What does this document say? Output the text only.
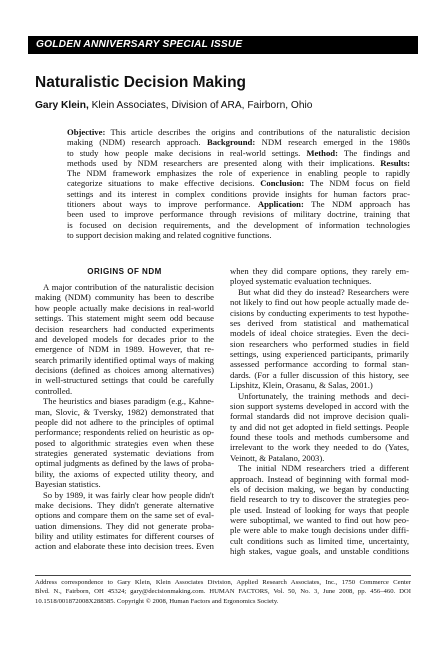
GOLDEN ANNIVERSARY SPECIAL ISSUE
Naturalistic Decision Making
Gary Klein, Klein Associates, Division of ARA, Fairborn, Ohio
Objective: This article describes the origins and contributions of the naturalistic decision
making (NDM) research approach. Background: NDM research emerged in the 1980s
to study how people make decisions in real-world settings. Method: The findings and
methods used by NDM researchers are presented along with their implications. Results:
The NDM framework emphasizes the role of experience in enabling people to rapidly
categorize situations to make effective decisions. Conclusion: The NDM focus on field
settings and its interest in complex conditions provide insights for human factors prac-
titioners about ways to improve performance. Application: The NDM approach has
been used to improve performance through revisions of military doctrine, training that
is focused on decision requirements, and the development of information technologies
to support decision making and related cognitive functions.
ORIGINS OF NDM
A major contribution of the naturalistic decision
making (NDM) community has been to describe
how people actually make decisions in real-world
settings. This statement might seem odd because
decision researchers had conducted experiments
and developed models for decades prior to the
emergence of NDM in 1989. However, that re-
search primarily identified optimal ways of making
decisions (defined as choices among alternatives)
in well-structured settings that could be carefully
controlled.
The heuristics and biases paradigm (e.g., Kahne-
man, Slovic, & Tversky, 1982) demonstrated that
people did not adhere to the principles of optimal
performance; respondents relied on heuristic as op-
posed to algorithmic strategies even when these
strategies generated systematic deviations from
optimal judgments as defined by the laws of proba-
bility, the axioms of expected utility theory, and
Bayesian statistics.
So by 1989, it was fairly clear how people didn't
make decisions. They didn't generate alternative
options and compare them on the same set of eval-
uation dimensions. They did not generate proba-
bility and utility estimates for different courses of
action and elaborate these into decision trees. Even
when they did compare options, they rarely em-
ployed systematic evaluation techniques.
But what did they do instead? Researchers were
not likely to find out how people actually made de-
cisions by conducting experiments to test hypothe-
ses derived from statistical and mathematical
models of ideal choice strategies. Even the deci-
sion researchers who performed studies in field
settings, using experienced participants, primarily
assessed performance according to formal stan-
dards. (For a fuller discussion of this history, see
Lipshitz, Klein, Orasanu, & Salas, 2001.)
Unfortunately, the training methods and deci-
sion support systems developed in accord with the
formal standards did not improve decision quali-
ty and did not get adopted in field settings. People
found these tools and methods cumbersome and
irrelevant to the work they needed to do (Yates,
Veinott, & Patalano, 2003).
The initial NDM researchers tried a different
approach. Instead of beginning with formal mod-
els of decision making, we began by conducting
field research to try to discover the strategies peo-
ple used. Instead of looking for ways that people
were suboptimal, we wanted to find out how peo-
ple were able to make tough decisions under diffi-
cult conditions such as limited time, uncertainty,
high stakes, vague goals, and unstable conditions
Address correspondence to Gary Klein, Klein Associates Division, Applied Research Associates, Inc., 1750 Commerce Center
Blvd. N., Fairborn, OH 45324; gary@decisionmaking.com. HUMAN FACTORS, Vol. 50, No. 3, June 2008, pp. 456–460. DOI
10.1518/001872008X288385. Copyright © 2008, Human Factors and Ergonomics Society.
